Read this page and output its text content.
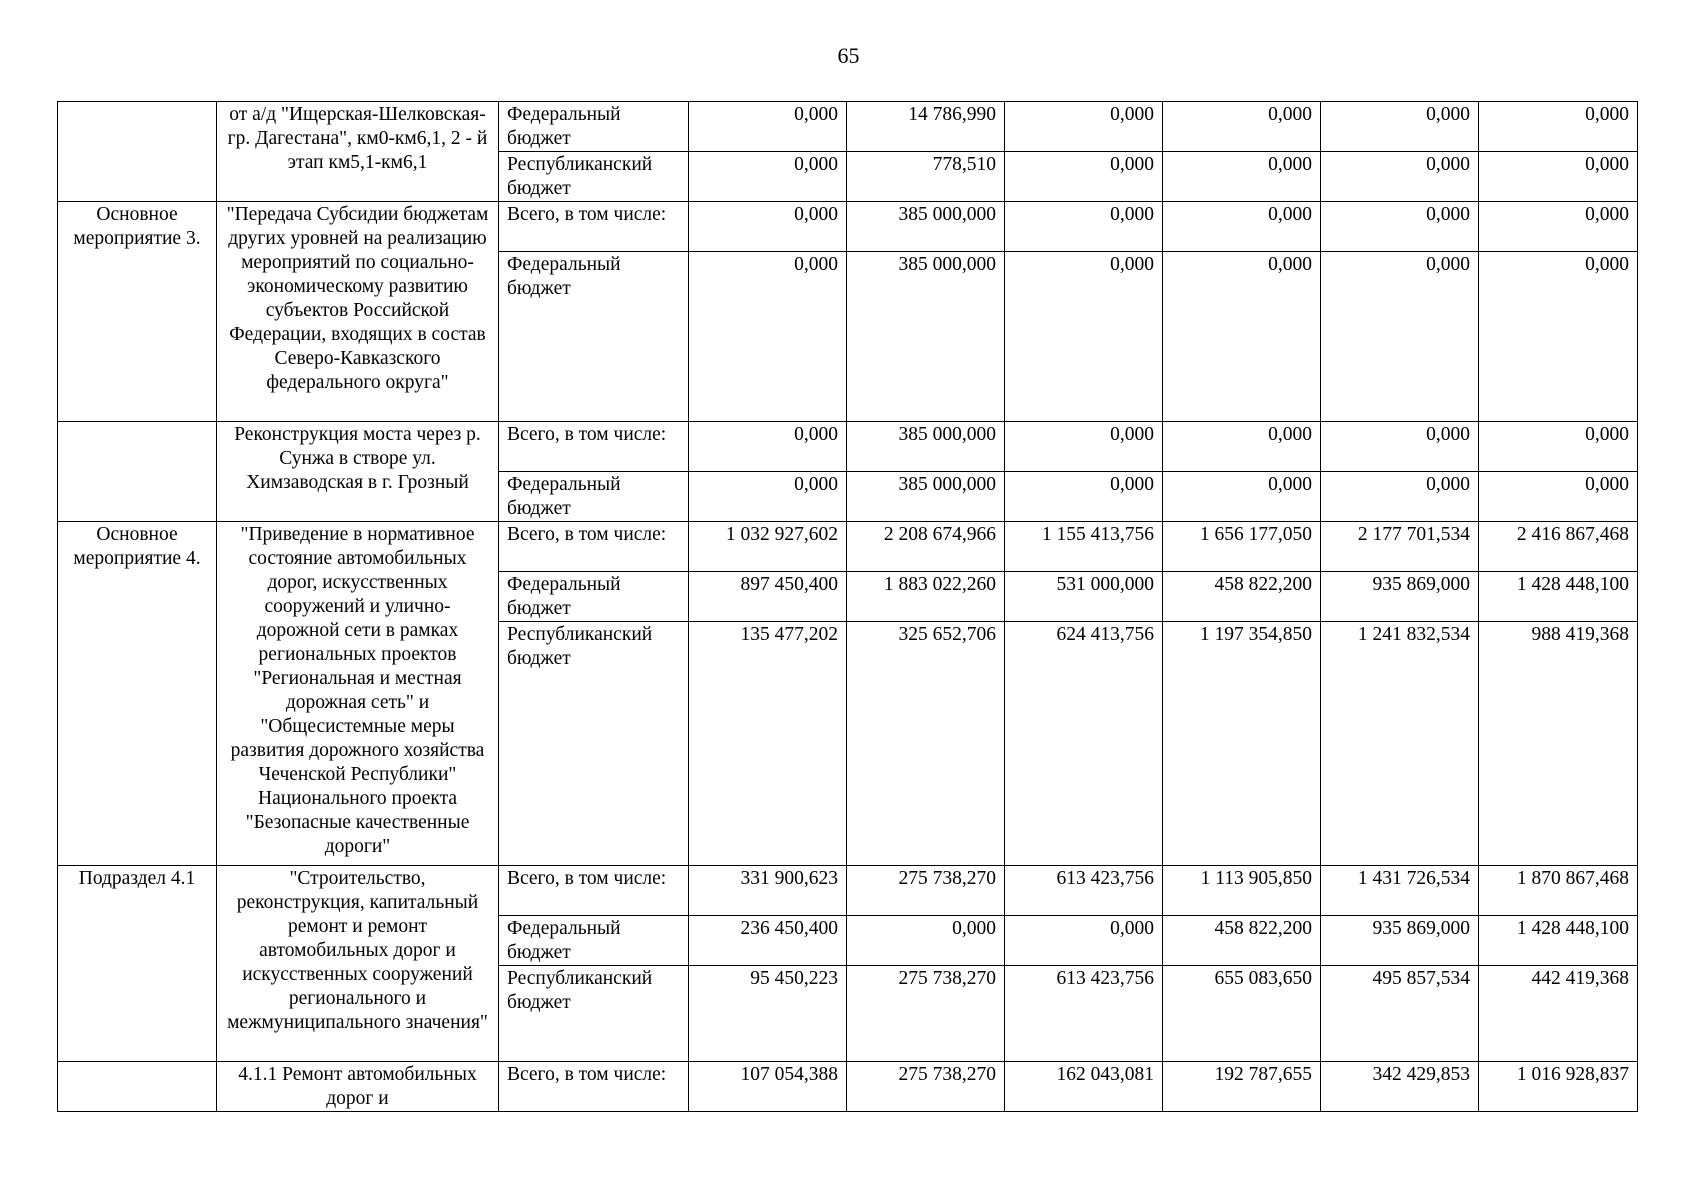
65
	от а/д "Ищерская-Шелковская-гр. Дагестана", км0-км6,1, 2 - й этап км5,1-км6,1	Федеральный бюджет	0,000	14 786,990	0,000	0,000	0,000	0,000
		Республиканский бюджет	0,000	778,510	0,000	0,000	0,000	0,000
Основное мероприятие 3.	"Передача Субсидии бюджетам других уровней на реализацию мероприятий по социально-экономическому развитию субъектов Российской Федерации, входящих в состав Северо-Кавказского федерального округа"	Всего, в том числе:	0,000	385 000,000	0,000	0,000	0,000	0,000
		Федеральный бюджет	0,000	385 000,000	0,000	0,000	0,000	0,000
	Реконструкция моста через р. Сунжа в створе ул. Химзаводская в г. Грозный	Всего, в том числе:	0,000	385 000,000	0,000	0,000	0,000	0,000
		Федеральный бюджет	0,000	385 000,000	0,000	0,000	0,000	0,000
Основное мероприятие 4.	"Приведение в нормативное состояние автомобильных дорог, искусственных сооружений и улично-дорожной сети в рамках региональных проектов "Региональная и местная дорожная сеть" и "Общесистемные меры развития дорожного хозяйства Чеченской Республики" Национального проекта "Безопасные качественные дороги"	Всего, в том числе:	1 032 927,602	2 208 674,966	1 155 413,756	1 656 177,050	2 177 701,534	2 416 867,468
		Федеральный бюджет	897 450,400	1 883 022,260	531 000,000	458 822,200	935 869,000	1 428 448,100
		Республиканский бюджет	135 477,202	325 652,706	624 413,756	1 197 354,850	1 241 832,534	988 419,368
Подраздел 4.1	"Строительство, реконструкция, капитальный ремонт и ремонт автомобильных дорог и искусственных сооружений регионального и межмуниципального значения"	Всего, в том числе:	331 900,623	275 738,270	613 423,756	1 113 905,850	1 431 726,534	1 870 867,468
		Федеральный бюджет	236 450,400	0,000	0,000	458 822,200	935 869,000	1 428 448,100
		Республиканский бюджет	95 450,223	275 738,270	613 423,756	655 083,650	495 857,534	442 419,368
	4.1.1 Ремонт автомобильных дорог и	Всего, в том числе:	107 054,388	275 738,270	162 043,081	192 787,655	342 429,853	1 016 928,837
